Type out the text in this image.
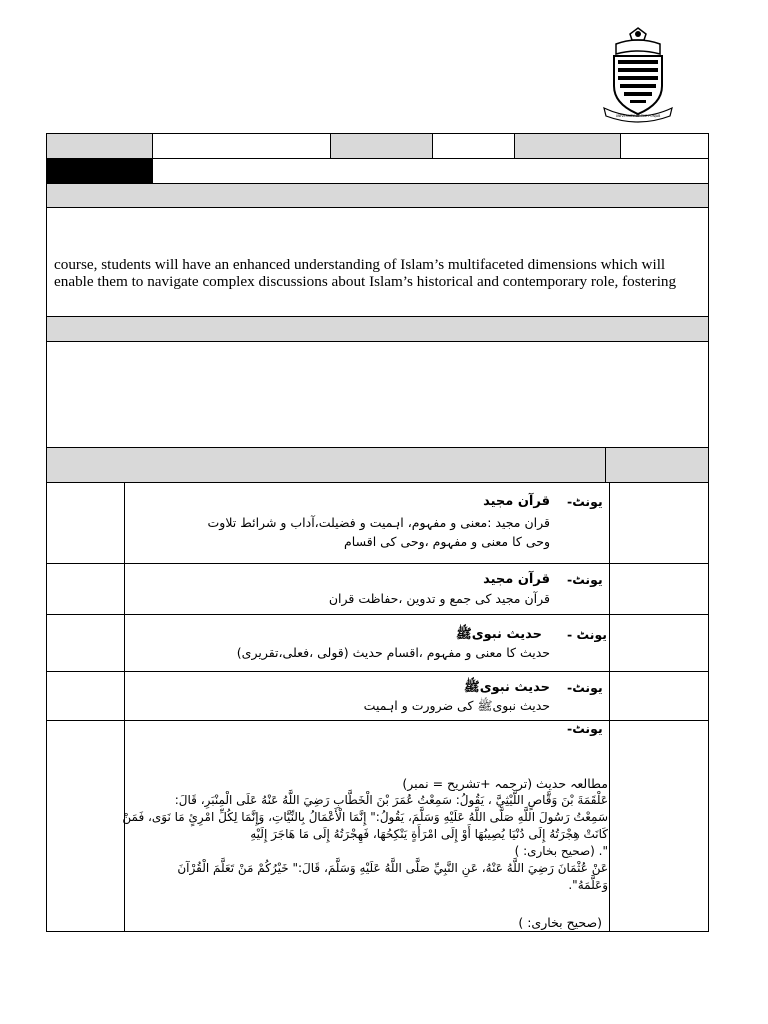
UNIVERSITY OF THE PUNJAB
course, students will have an enhanced understanding of Islam’s multifaceted dimensions which will
enable them to navigate complex discussions about Islam’s historical and contemporary role, fostering
یونٹ-
قرآن مجید
قران مجید :معنی و مفہوم، اہمیت و فضیلت،آداب و شرائط تلاوت
وحی کا معنی و مفہوم ،وحی کی اقسام
یونٹ-
قرآن مجید
قرآن مجید کی جمع و تدوین ،حفاظت قران
یونٹ -
حدیث نبویﷺ
حدیث کا معنی و مفہوم ،اقسام حدیث (قولی ،فعلی،تقریری)
یونٹ-
حدیث نبویﷺ
حدیث نبویﷺ کی ضرورت و اہمیت
یونٹ-
مطالعہ حدیث (ترجمہ +تشریح = نمبر)
عَلْقَمَةَ بْنَ وَقَّاصٍ اللَّيْثِيَّ ، يَقُولُ: سَمِعْتُ عُمَرَ بْنَ الْخَطَّابِ رَضِيَ اللَّهُ عَنْهُ عَلَى الْمِنْبَرِ، قَالَ:
سَمِعْتُ رَسُولَ اللَّهِ صَلَّى اللَّهُ عَلَيْهِ وَسَلَّمَ، يَقُولُ:" إِنَّمَا الْأَعْمَالُ بِالنِّيَّاتِ، وَإِنَّمَا لِكُلِّ امْرِئٍ مَا نَوَى، فَمَنْ
كَانَتْ هِجْرَتُهُ إِلَى دُنْيَا يُصِيبُهَا أَوْ إِلَى امْرَأَةٍ يَنْكِحُهَا، فَهِجْرَتُهُ إِلَى مَا هَاجَرَ إِلَيْهِ
". (صحیح بخاری: )
عَنْ عُثْمَانَ رَضِيَ اللَّهُ عَنْهُ، عَنِ النَّبِيِّ صَلَّى اللَّهُ عَلَيْهِ وَسَلَّمَ، قَالَ:" خَيْرُكُمْ مَنْ تَعَلَّمَ الْقُرْآنَ
وَعَلَّمَهُ".
(صحیح بخاری: )
